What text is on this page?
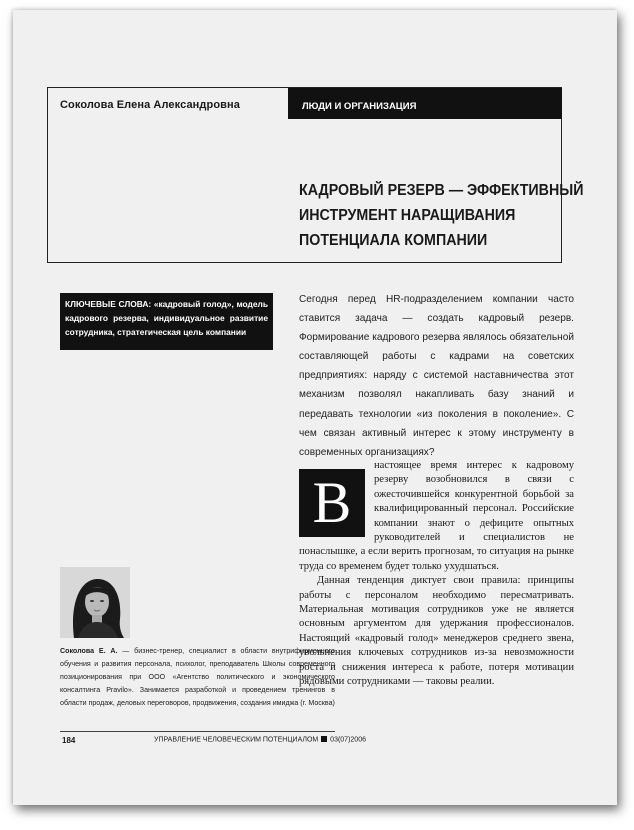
Соколова Елена Александровна	ЛЮДИ И ОРГАНИЗАЦИЯ
КАДРОВЫЙ РЕЗЕРВ — ЭФФЕКТИВНЫЙ
ИНСТРУМЕНТ НАРАЩИВАНИЯ
ПОТЕНЦИАЛА КОМПАНИИ
КЛЮЧЕВЫЕ СЛОВА: «кадровый голод», модель кадрового резерва, индивидуальное развитие сотрудника, стратегическая цель компании

Сегодня перед HR-подразделением компании часто ставится задача — создать кадровый резерв. Формирование кадрового резерва являлось обязательной составляющей работы с кадрами на советских предприятиях: наряду с системой наставничества этот механизм позволял накапливать базу знаний и передавать технологии «из поколения в поколение». С чем связан активный интерес к этому инструменту в современных организациях?

настоящее время интерес к кадровому резерву возобновился в связи с ожесточившейся конкурентной борьбой за квалифицированный персонал. Российские компании знают о дефиците опытных руководителей и специалистов не понаслышке, а если верить прогнозам, то ситуация на рынке труда со временем будет только ухудшаться.

Данная тенденция диктует свои правила: принципы работы с персоналом необходимо пересматривать. Материальная мотивация сотрудников уже не является основным аргументом для удержания профессионалов. Настоящий «кадровый голод» менеджеров среднего звена, увольнения ключевых сотрудников из-за невозможности роста и снижения интереса к работе, потеря мотивации рядовыми сотрудниками — таковы реалии.

В
Соколова Е. А. — бизнес-тренер, специалист в области внутрифирменного обучения и развития персонала, психолог, преподаватель Школы современного позиционирования при ООО «Агентство политического и экономического консалтинга Pravilo». Занимается разработкой и проведением тренингов в области продаж, деловых переговоров, продвижения, создания имиджа (г. Москва)
184	УПРАВЛЕНИЕ ЧЕЛОВЕЧЕСКИМ ПОТЕНЦИАЛОМ 03(07)2006
